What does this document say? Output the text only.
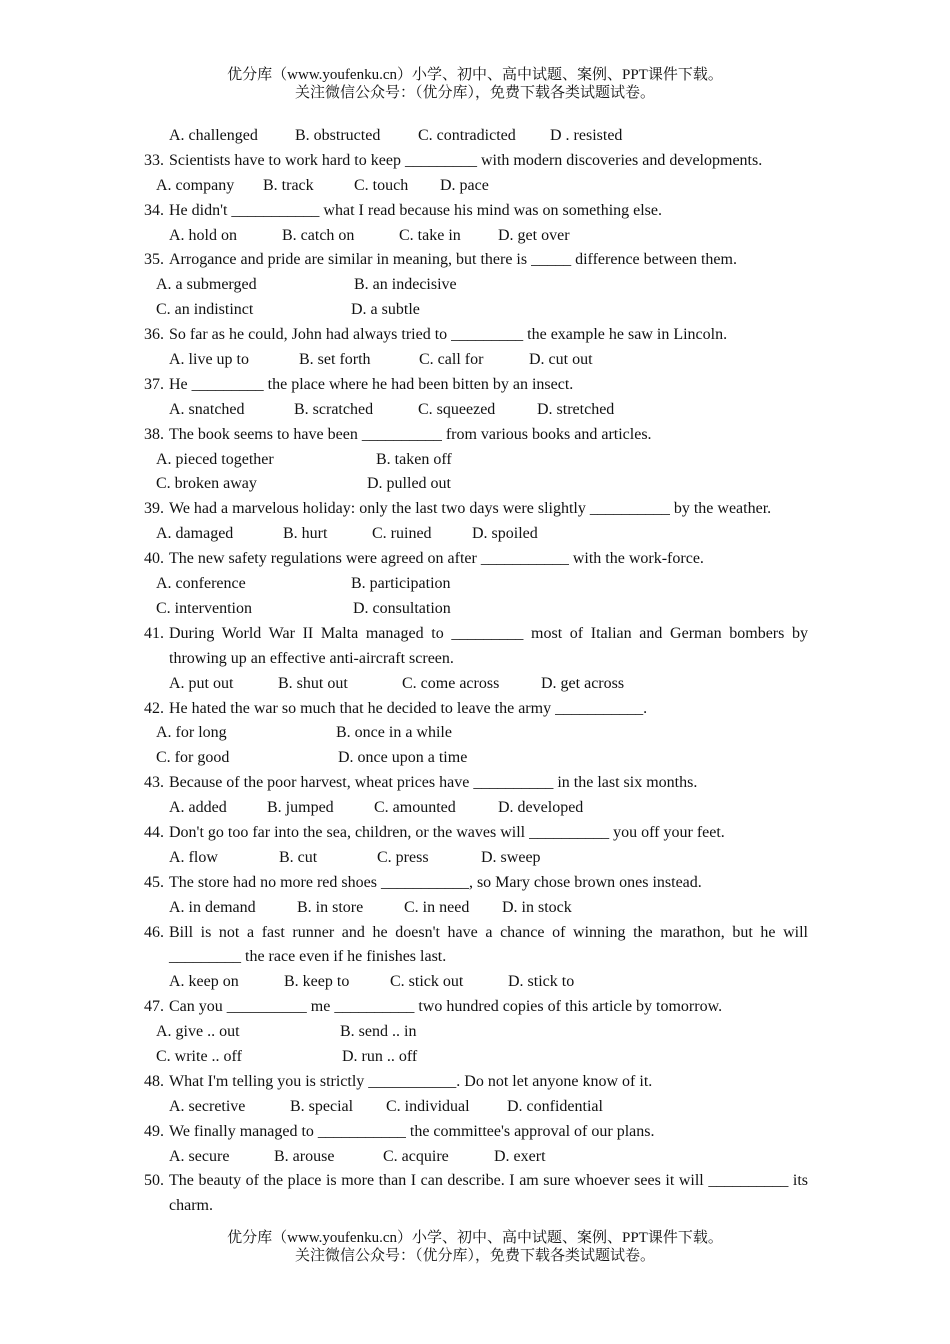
优分库（www.youfenku.cn）小学、初中、高中试题、案例、PPT课件下载。
关注微信公众号：（优分库），免费下载各类试题试卷。
A. challenged B. obstructed C. contradicted D . resisted
33. Scientists have to work hard to keep _________ with modern discoveries and developments.
A. company B. track	C. touch D. pace
34. He didn't ___________ what I read because his mind was on something else.
A. hold on	B. catch on	C. take in D. get over
35. Arrogance and pride are similar in meaning, but there is _____ difference between them.
A. a submerged	B. an indecisive
C. an indistinct	D. a subtle
36. So far as he could, John had always tried to _________ the example he saw in Lincoln.
A. live up to	B. set forth	C. call for	D. cut out
37. He _________ the place where he had been bitten by an insect.
A. snatched	B. scratched	C. squeezed	D. stretched
38. The book seems to have been __________ from various books and articles.
A. pieced together	B. taken off
C. broken away	D. pulled out
39. We had a marvelous holiday: only the last two days were slightly __________ by the weather.
A. damaged	B. hurt	C. ruined	D. spoiled
40. The new safety regulations were agreed on after ___________ with the work-force.
A. conference	B. participation
C. intervention	D. consultation
41. During World War II Malta managed to _________ most of Italian and German bombers by throwing up an effective anti-aircraft screen.
A. put out	B. shut out	C. come across	D. get across
42. He hated the war so much that he decided to leave the army ___________.
A. for long	B. once in a while
C. for good	D. once upon a time
43. Because of the poor harvest, wheat prices have __________ in the last six months.
A. added	B. jumped	C. amounted	D. developed
44. Don't go too far into the sea, children, or the waves will __________ you off your feet.
A. flow	B. cut	C. press	D. sweep
45. The store had no more red shoes ___________, so Mary chose brown ones instead.
A. in demand	B. in store	C. in need D. in stock
46. Bill is not a fast runner and he doesn't have a chance of winning the marathon, but he will _________ the race even if he finishes last.
A. keep on	B. keep to	C. stick out	D. stick to
47. Can you __________ me __________ two hundred copies of this article by tomorrow.
A. give .. out	B. send .. in
C. write .. off	D. run .. off
48. What I'm telling you is strictly ___________. Do not let anyone know of it.
A. secretive	B. special C. individual D. confidential
49. We finally managed to ___________ the committee's approval of our plans.
A. secure	B. arouse	C. acquire	D. exert
50. The beauty of the place is more than I can describe. I am sure whoever sees it will __________ its charm.
优分库（www.youfenku.cn）小学、初中、高中试题、案例、PPT课件下载。
关注微信公众号：（优分库），免费下载各类试题试卷。
